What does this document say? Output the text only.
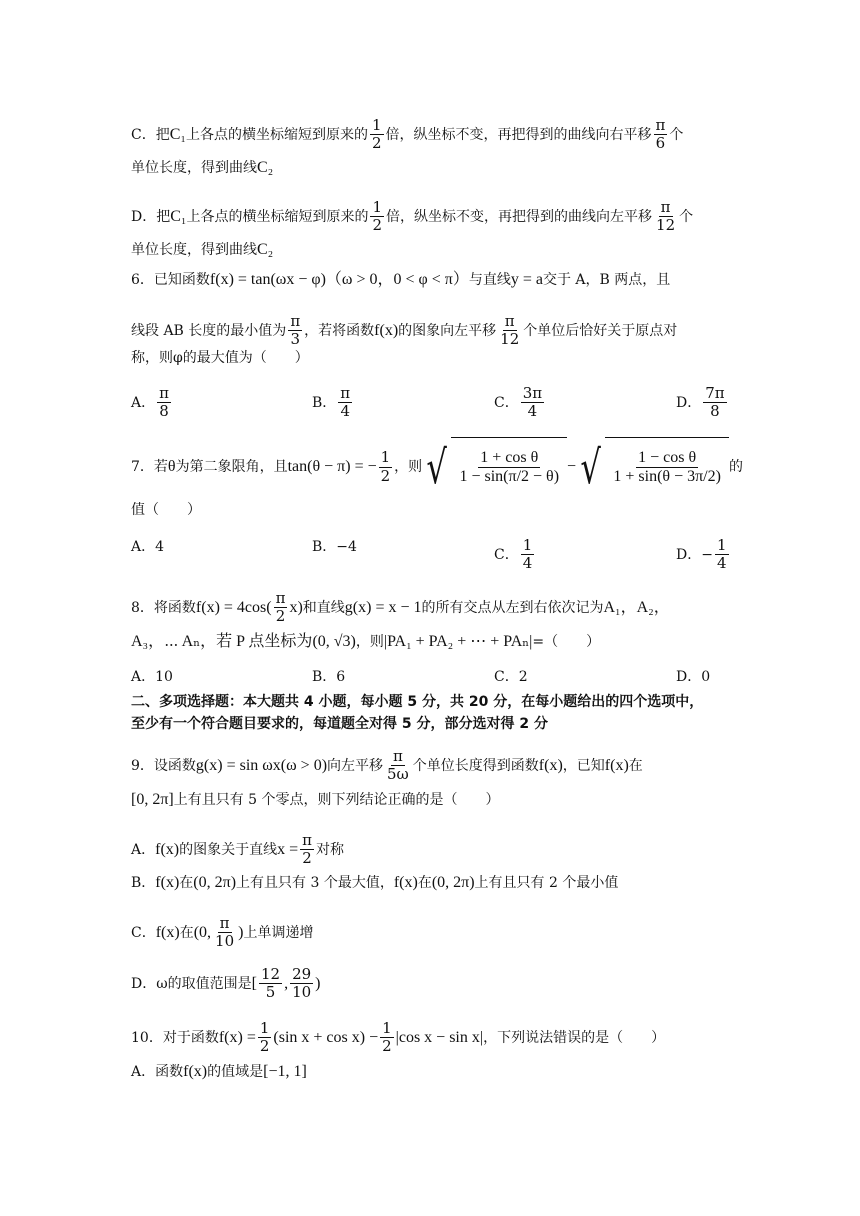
C．把C₁上各点的横坐标缩短到原来的 $\frac{1}{2}$ 倍，纵坐标不变，再把得到的曲线向右平移 $\frac{\pi}{6}$ 个
单位长度，得到曲线C₂
D．把C₁上各点的横坐标缩短到原来的 $\frac{1}{2}$ 倍，纵坐标不变，再把得到的曲线向左平移 $\frac{\pi}{12}$ 个
单位长度，得到曲线C₂
6．已知函数f(x) = tan(ωx − φ)（ω > 0，0 < φ < π）与直线y = a交于 A，B 两点，且
线段 AB 长度的最小值为 $\frac{\pi}{3}$ ，若将函数f(x)的图象向左平移 $\frac{\pi}{12}$ 个单位后恰好关于原点对
称，则φ的最大值为（　　）
A． $\frac{\pi}{8}$	B． $\frac{\pi}{4}$	C． $\frac{3\pi}{4}$	D． $\frac{7\pi}{8}$
7．若θ为第二象限角，且tan(θ − π) = − $\frac{1}{2}$ ，则 √ $\frac{\text{1 + cos θ}}{1 - \sin(\pi/2 - \theta)}$ − √ $\frac{\text{1 − cos θ}}{1 + \sin(\theta - 3\pi/2)}$ 的
值（　　）
A．4	B．−4	C． $\frac{1}{4}$	D．− $\frac{1}{4}$
8．将函数$f(x) = 4\cos( \frac{\pi}{2} x)$和直线g(x) = x − 1的所有交点从左到右依次记为A₁，A₂，
A₃，⋯ Aₙ，若 P 点坐标为(0, √3)，则|PA₁ + PA₂ + ⋯ + PAₙ|=（　　）
A．10	B．6	C．2	D．0
二、多项选择题：本大题共 4 小题，每小题 5 分，共 20 分，在每小题给出的四个选项中，
至少有一个符合题目要求的，每道题全对得 5 分，部分选对得 2 分
9．设函数g(x) = sin ωx(ω > 0)向左平移 $\frac{\pi}{5\omega}$ 个单位长度得到函数f(x)，已知f(x)在
[0, 2π]上有且只有 5 个零点，则下列结论正确的是（　　）
A．f(x)的图象关于直线$x = \frac{\pi}{2}$ 对称
B．f(x)在(0, 2π)上有且只有 3 个最大值，f(x)在(0, 2π)上有且只有 2 个最小值
C．f(x)在(0, $\frac{\pi}{10}$ )上单调递增
D．ω的取值范围是[ $\frac{12}{5}$ , $\frac{29}{10}$ )
10．对于函数$f(x) = \frac{1}{2} (\sin$ $x + \cos x) - \frac{1}{2} |\cos$ x − sin x|，下列说法错误的是（　　）
A．函数f(x)的值域是[−1, 1]
